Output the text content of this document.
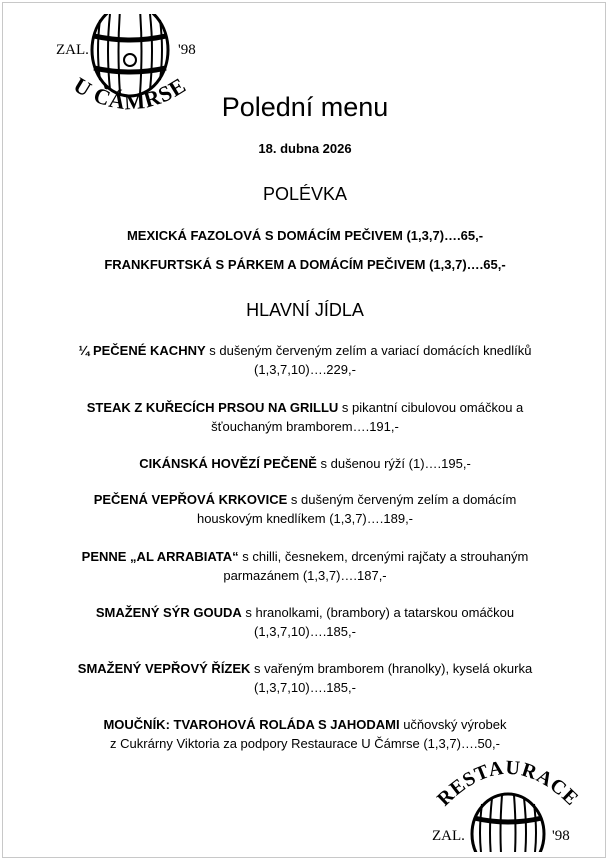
ZAL.	'98
U ČÁMRSE
Polední menu
18. dubna 2026
POLÉVKA
MEXICKÁ FAZOLOVÁ S DOMÁCÍM PEČIVEM (1,3,7)….65,-
FRANKFURTSKÁ S PÁRKEM A DOMÁCÍM PEČIVEM (1,3,7)….65,-
HLAVNÍ JÍDLA
¼ PEČENÉ KACHNY s dušeným červeným zelím a variací domácích knedlíků
(1,3,7,10)….229,-
STEAK Z KUŘECÍCH PRSOU NA GRILLU s pikantní cibulovou omáčkou a
šťouchaným bramborem….191,-
CIKÁNSKÁ HOVĚZÍ PEČENĚ s dušenou rýží (1)….195,-
PEČENÁ VEPŘOVÁ KRKOVICE s dušeným červeným zelím a domácím
houskovým knedlíkem (1,3,7)….189,-
PENNE „AL ARRABIATA“ s chilli, česnekem, drcenými rajčaty a strouhaným
parmazánem (1,3,7)….187,-
SMAŽENÝ SÝR GOUDA s hranolkami, (brambory) a tatarskou omáčkou
(1,3,7,10)….185,-
SMAŽENÝ VEPŘOVÝ ŘÍZEK s vařeným bramborem (hranolky), kyselá okurka
(1,3,7,10)….185,-
MOUČNÍK: TVAROHOVÁ ROLÁDA S JAHODAMI učňovský výrobek
z Cukrárny Viktoria za podpory Restaurace U Čámrse (1,3,7)….50,-
RESTAURACE
ZAL.	'98
